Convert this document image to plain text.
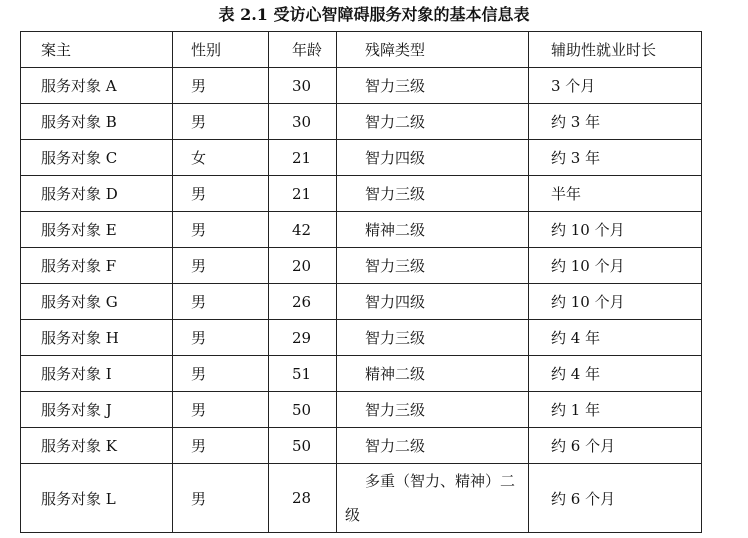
表 2.1 受访心智障碍服务对象的基本信息表
案主	性别	年龄	残障类型	辅助性就业时长
服务对象 A	男	30	智力三级	3 个月
服务对象 B	男	30	智力二级	约 3 年
服务对象 C	女	21	智力四级	约 3 年
服务对象 D	男	21	智力三级	半年
服务对象 E	男	42	精神二级	约 10 个月
服务对象 F	男	20	智力三级	约 10 个月
服务对象 G	男	26	智力四级	约 10 个月
服务对象 H	男	29	智力三级	约 4 年
服务对象 I	男	51	精神二级	约 4 年
服务对象 J	男	50	智力三级	约 1 年
服务对象 K	男	50	智力二级	约 6 个月
服务对象 L	男	28	多重（智力、精神）二级	约 6 个月
